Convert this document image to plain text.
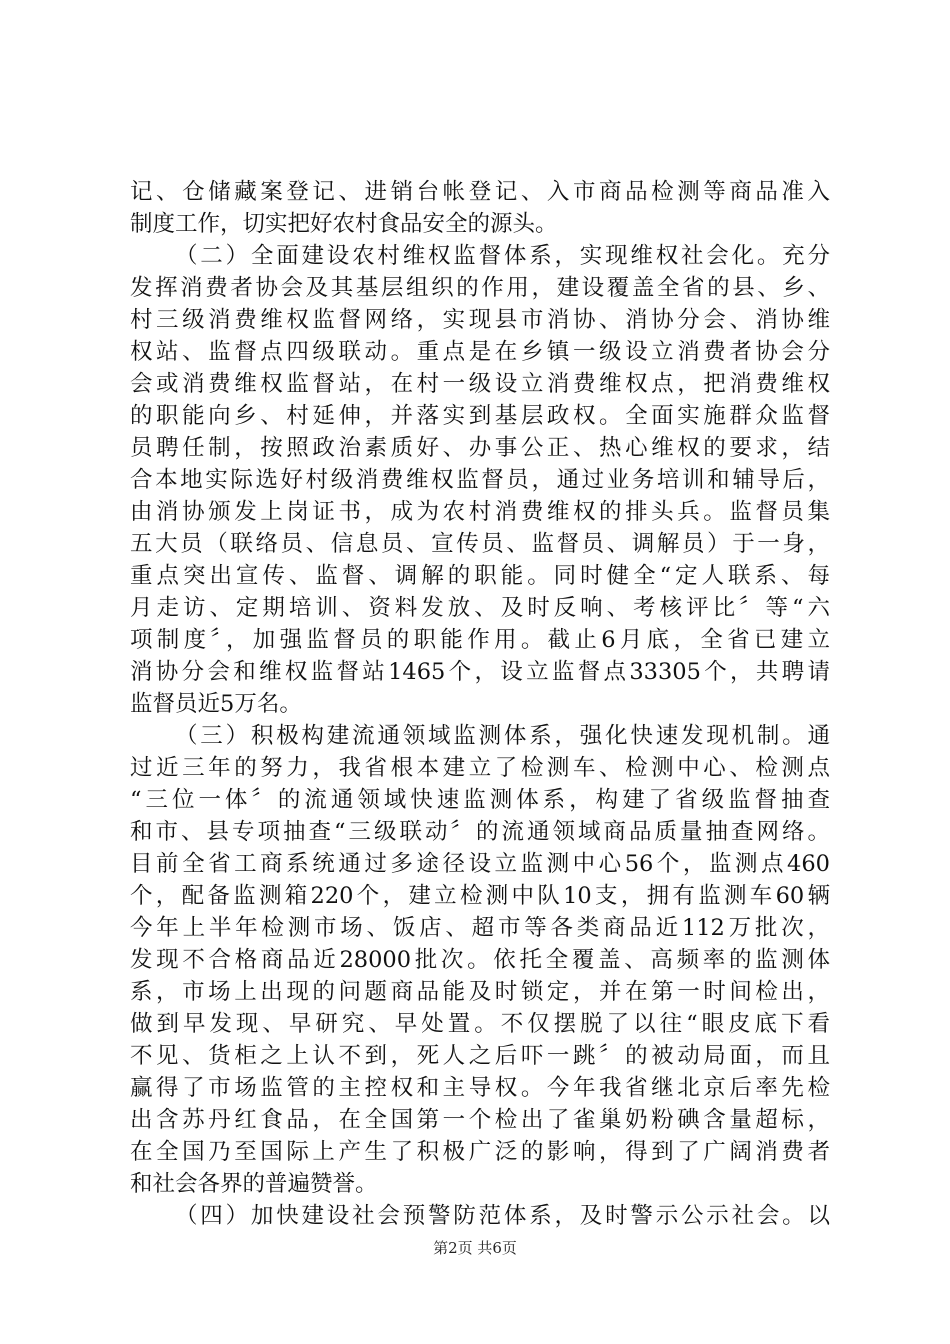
记、仓储藏案登记、进销台帐登记、入市商品检测等商品准入
制度工作，切实把好农村食品安全的源头。
（二）全面建设农村维权监督体系，实现维权社会化。充分
发挥消费者协会及其基层组织的作用，建设覆盖全省的县、乡、
村三级消费维权监督网络，实现县市消协、消协分会、消协维
权站、监督点四级联动。重点是在乡镇一级设立消费者协会分
会或消费维权监督站，在村一级设立消费维权点，把消费维权
的职能向乡、村延伸，并落实到基层政权。全面实施群众监督
员聘任制，按照政治素质好、办事公正、热心维权的要求，结
合本地实际选好村级消费维权监督员，通过业务培训和辅导后，
由消协颁发上岗证书，成为农村消费维权的排头兵。监督员集
五大员（联络员、信息员、宣传员、监督员、调解员）于一身，
重点突出宣传、监督、调解的职能。同时健全“定人联系、每
月走访、定期培训、资料发放、及时反响、考核评比〞等“六
项制度〞，加强监督员的职能作用。截止6月底，全省已建立
消协分会和维权监督站1465个，设立监督点33305个，共聘请
监督员近5万名。
（三）积极构建流通领域监测体系，强化快速发现机制。通
过近三年的努力，我省根本建立了检测车、检测中心、检测点
“三位一体〞的流通领域快速监测体系，构建了省级监督抽查
和市、县专项抽查“三级联动〞的流通领域商品质量抽查网络。
目前全省工商系统通过多途径设立监测中心56个，监测点460
个，配备监测箱220个，建立检测中队10支，拥有监测车60辆
今年上半年检测市场、饭店、超市等各类商品近112万批次，
发现不合格商品近28000批次。依托全覆盖、高频率的监测体
系，市场上出现的问题商品能及时锁定，并在第一时间检出，
做到早发现、早研究、早处置。不仅摆脱了以往“眼皮底下看
不见、货柜之上认不到，死人之后吓一跳〞的被动局面，而且
赢得了市场监管的主控权和主导权。今年我省继北京后率先检
出含苏丹红食品，在全国第一个检出了雀巢奶粉碘含量超标，
在全国乃至国际上产生了积极广泛的影响，得到了广阔消费者
和社会各界的普遍赞誉。
（四）加快建设社会预警防范体系，及时警示公示社会。以
第2页 共6页
